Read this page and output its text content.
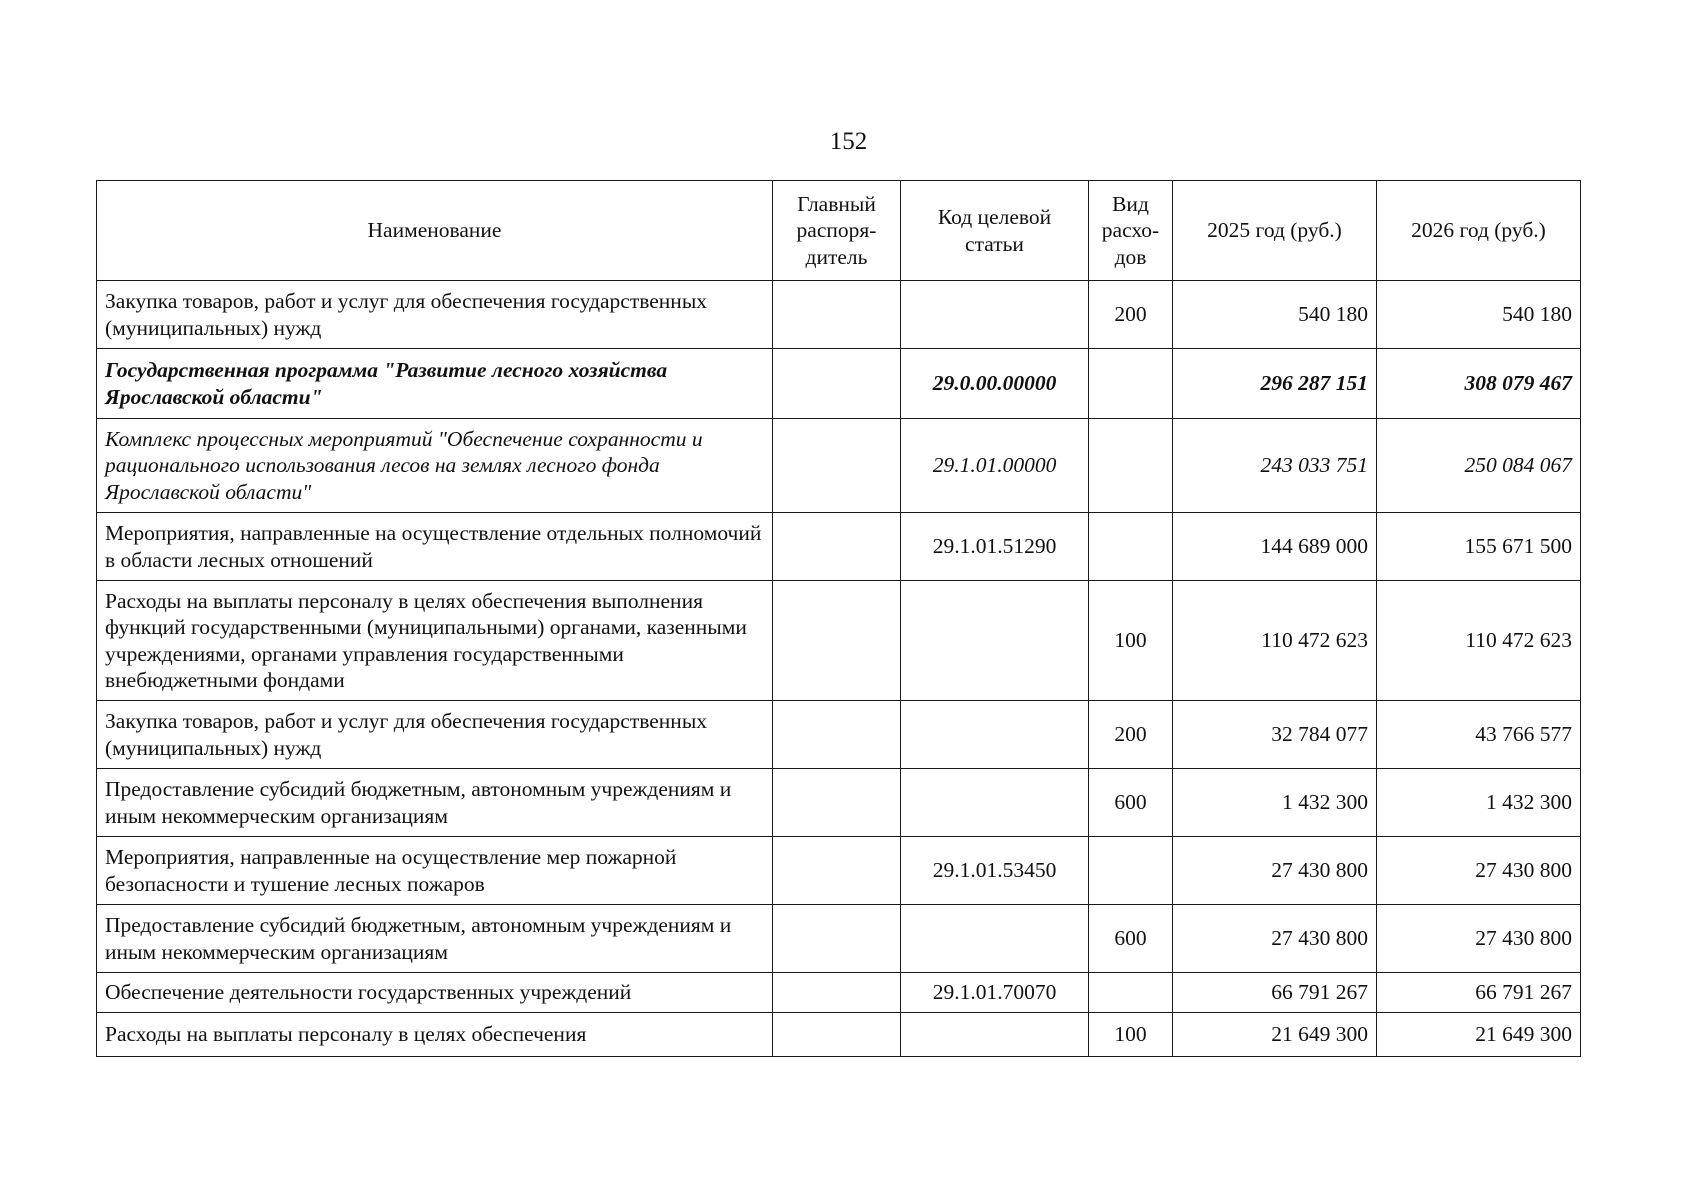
152
Наименование	Главный распоря-дитель	Код целевой статьи	Вид расхо-дов	2025 год (руб.)	2026 год (руб.)
Закупка товаров, работ и услуг для обеспечения государственных (муниципальных) нужд			200	540 180	540 180
Государственная программа "Развитие лесного хозяйства Ярославской области"		29.0.00.00000		296 287 151	308 079 467
Комплекс процессных мероприятий "Обеспечение сохранности и рационального использования лесов на землях лесного фонда Ярославской области"		29.1.01.00000		243 033 751	250 084 067
Мероприятия, направленные на осуществление отдельных полномочий в области лесных отношений		29.1.01.51290		144 689 000	155 671 500
Расходы на выплаты персоналу в целях обеспечения выполнения функций государственными (муниципальными) органами, казенными учреждениями, органами управления государственными внебюджетными фондами			100	110 472 623	110 472 623
Закупка товаров, работ и услуг для обеспечения государственных (муниципальных) нужд			200	32 784 077	43 766 577
Предоставление субсидий бюджетным, автономным учреждениям и иным некоммерческим организациям			600	1 432 300	1 432 300
Мероприятия, направленные на осуществление мер пожарной безопасности и тушение лесных пожаров		29.1.01.53450		27 430 800	27 430 800
Предоставление субсидий бюджетным, автономным учреждениям и иным некоммерческим организациям			600	27 430 800	27 430 800
Обеспечение деятельности государственных учреждений		29.1.01.70070		66 791 267	66 791 267
Расходы на выплаты персоналу в целях обеспечения			100	21 649 300	21 649 300
